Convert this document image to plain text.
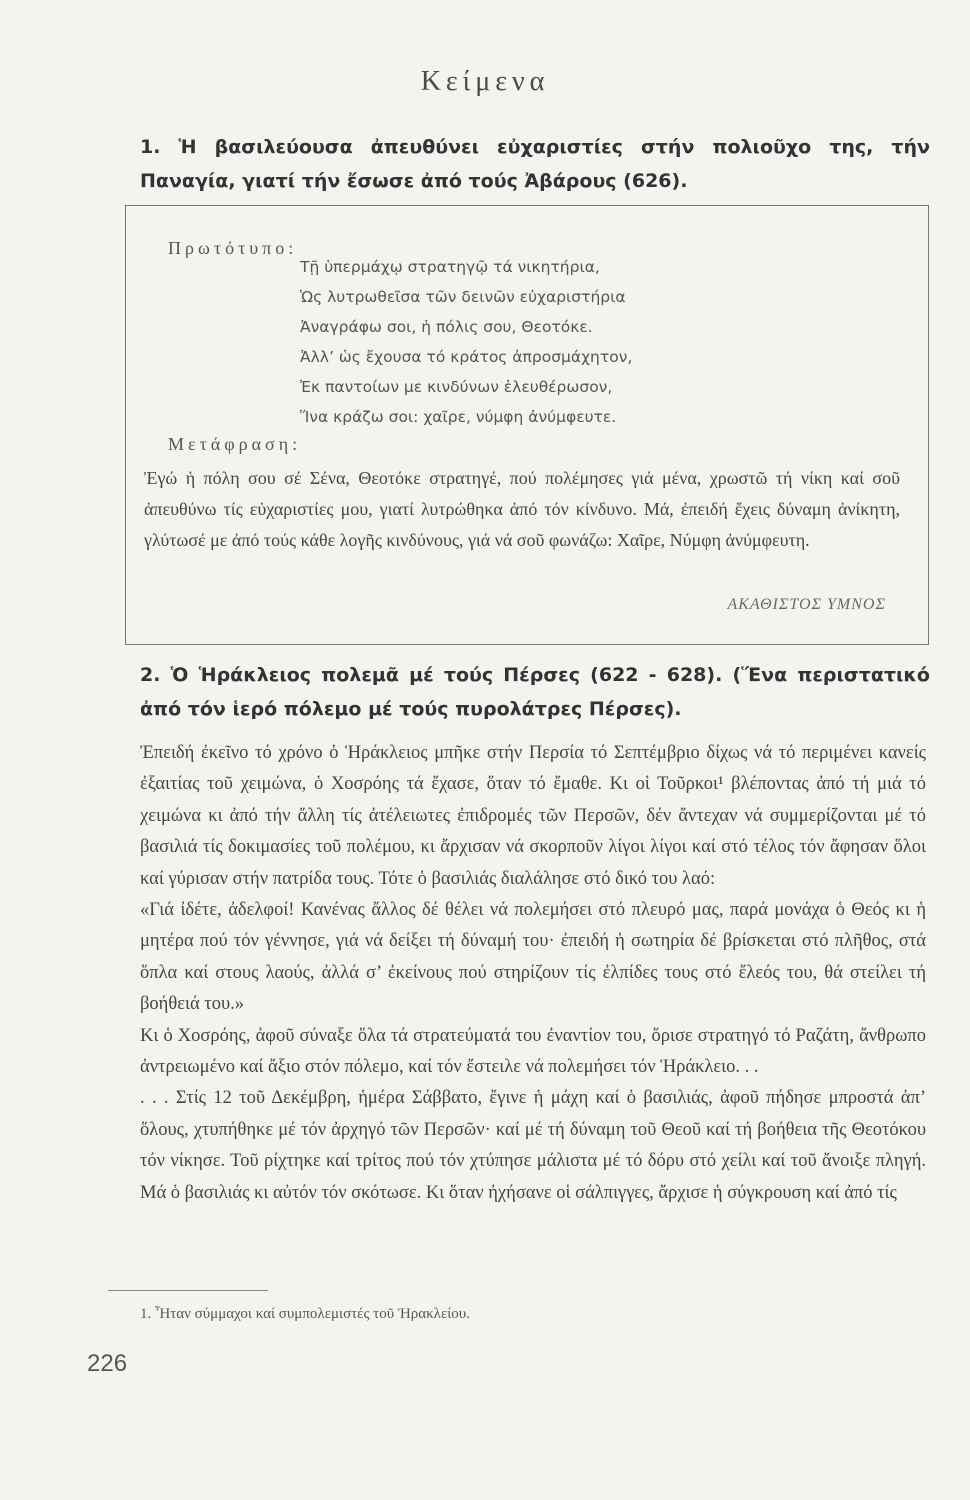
Κείμενα
1. Ἡ βασιλεύουσα ἀπευθύνει εὐχαριστίες στήν πολιοῦχο της, τήν Παναγία, γιατί τήν ἔσωσε ἀπό τούς Ἀβάρους (626).
Πρωτότυπο:
Τῇ ὑπερμάχῳ στρατηγῷ τά νικητήρια,
Ὡς λυτρωθεῖσα τῶν δεινῶν εὐχαριστήρια
Ἀναγράφω σοι, ἡ πόλις σου, Θεοτόκε.
Ἀλλ’ ὡς ἔχουσα τό κράτος ἀπροσμάχητον,
Ἐκ παντοίων με κινδύνων ἐλευθέρωσον,
Ἵνα κράζω σοι: χαῖρε, νύμφη ἀνύμφευτε.
Μετάφραση:

Ἐγώ ἡ πόλη σου σέ Σένα, Θεοτόκε στρατηγέ, πού πολέμησες γιά μένα, χρωστῶ τή νίκη καί σοῦ ἀπευθύνω τίς εὐχαριστίες μου, γιατί λυτρώθηκα ἀπό τόν κίνδυνο. Μά, ἐπειδή ἔχεις δύναμη ἀνίκητη, γλύτωσέ με ἀπό τούς κάθε λογῆς κινδύνους, γιά νά σοῦ φωνάζω: Χαῖρε, Νύμφη ἀνύμφευτη.

ΑΚΑΘΙΣΤΟΣ ΥΜΝΟΣ
2. Ὁ Ἡράκλειος πολεμᾶ μέ τούς Πέρσες (622 - 628). (Ἕνα περιστατικό ἀπό τόν ἱερό πόλεμο μέ τούς πυρολάτρες Πέρσες).

Ἐπειδή ἐκεῖνο τό χρόνο ὁ Ἡράκλειος μπῆκε στήν Περσία τό Σεπτέμβριο δίχως νά τό περιμένει κανείς ἐξαιτίας τοῦ χειμώνα, ὁ Χοσρόης τά ἔχασε, ὅταν τό ἔμαθε. Κι οἱ Τοῦρκοι¹ βλέποντας ἀπό τή μιά τό χειμώνα κι ἀπό τήν ἄλλη τίς ἀτέλειωτες ἐπιδρομές τῶν Περσῶν, δέν ἄντεχαν νά συμμερίζονται μέ τό βασιλιά τίς δοκιμασίες τοῦ πολέμου, κι ἄρχισαν νά σκορποῦν λίγοι λίγοι καί στό τέλος τόν ἄφησαν ὅλοι καί γύρισαν στήν πατρίδα τους. Τότε ὁ βασιλιάς διαλάλησε στό δικό του λαό:

«Γιά ἰδέτε, ἀδελφοί! Κανένας ἄλλος δέ θέλει νά πολεμήσει στό πλευρό μας, παρά μονάχα ὁ Θεός κι ἡ μητέρα πού τόν γέννησε, γιά νά δείξει τή δύναμή του· ἐπειδή ἡ σωτηρία δέ βρίσκεται στό πλῆθος, στά ὅπλα καί στους λαούς, ἀλλά σ’ ἐκείνους πού στηρίζουν τίς ἐλπίδες τους στό ἔλεός του, θά στείλει τή βοήθειά του.»

Κι ὁ Χοσρόης, ἀφοῦ σύναξε ὅλα τά στρατεύματά του ἐναντίον του, ὅρισε στρατηγό τό Ραζάτη, ἄνθρωπο ἀντρειωμένο καί ἄξιο στόν πόλεμο, καί τόν ἔστειλε νά πολεμήσει τόν Ἡράκλειο. . .

. . . Στίς 12 τοῦ Δεκέμβρη, ἡμέρα Σάββατο, ἔγινε ἡ μάχη καί ὁ βασιλιάς, ἀφοῦ πήδησε μπροστά ἀπ’ ὅλους, χτυπήθηκε μέ τόν ἀρχηγό τῶν Περσῶν· καί μέ τή δύναμη τοῦ Θεοῦ καί τή βοήθεια τῆς Θεοτόκου τόν νίκησε. Τοῦ ρίχτηκε καί τρίτος πού τόν χτύπησε μάλιστα μέ τό δόρυ στό χείλι καί τοῦ ἄνοιξε πληγή. Μά ὁ βασιλιάς κι αὐτόν τόν σκότωσε. Κι ὅταν ἠχήσανε οἱ σάλπιγγες, ἄρχισε ἡ σύγκρουση καί ἀπό τίς

1. Ἦταν σύμμαχοι καί συμπολεμιστές τοῦ Ἡρακλείου.
226
